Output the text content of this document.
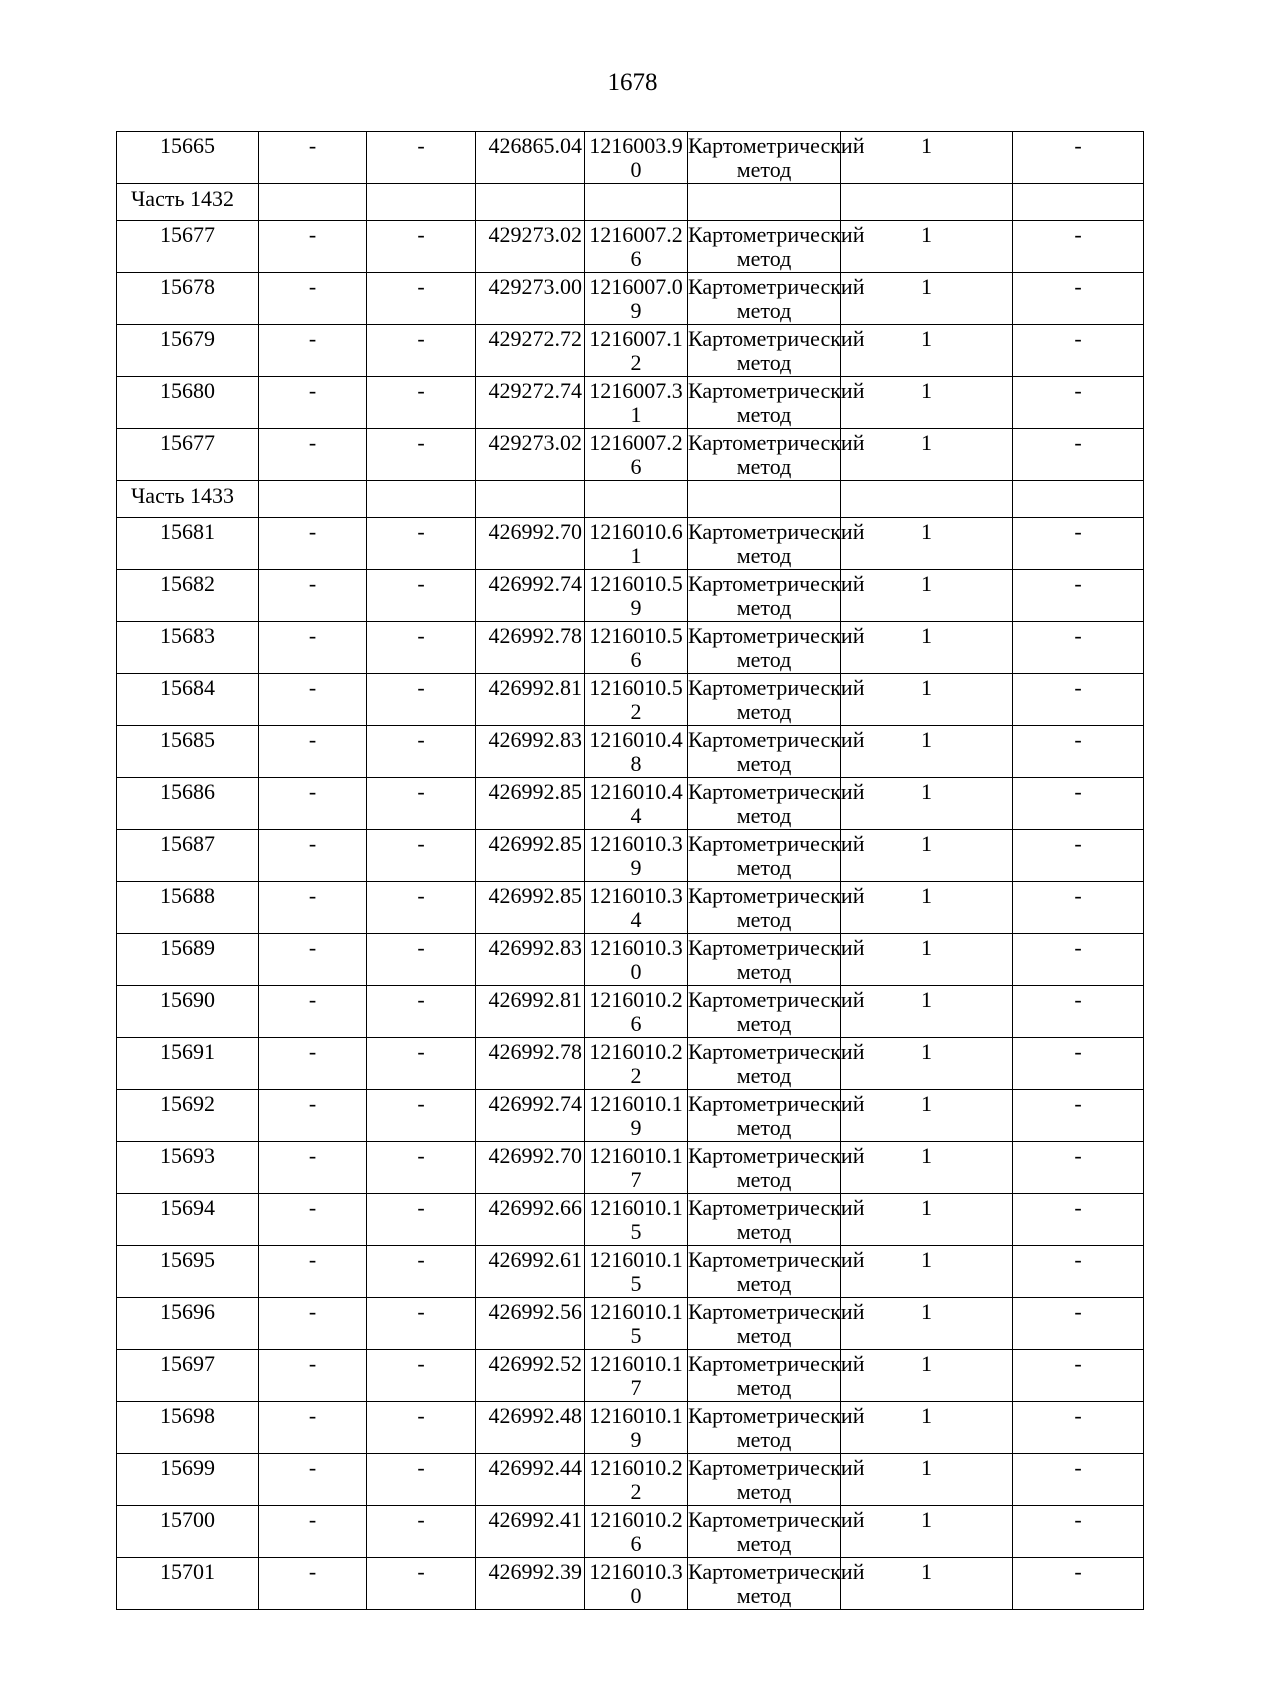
1678
15665	-	-	426865.04	1216003.90	Картометрический метод	1	-
Часть 1432							
15677	-	-	429273.02	1216007.26	Картометрический метод	1	-
15678	-	-	429273.00	1216007.09	Картометрический метод	1	-
15679	-	-	429272.72	1216007.12	Картометрический метод	1	-
15680	-	-	429272.74	1216007.31	Картометрический метод	1	-
15677	-	-	429273.02	1216007.26	Картометрический метод	1	-
Часть 1433							
15681	-	-	426992.70	1216010.61	Картометрический метод	1	-
15682	-	-	426992.74	1216010.59	Картометрический метод	1	-
15683	-	-	426992.78	1216010.56	Картометрический метод	1	-
15684	-	-	426992.81	1216010.52	Картометрический метод	1	-
15685	-	-	426992.83	1216010.48	Картометрический метод	1	-
15686	-	-	426992.85	1216010.44	Картометрический метод	1	-
15687	-	-	426992.85	1216010.39	Картометрический метод	1	-
15688	-	-	426992.85	1216010.34	Картометрический метод	1	-
15689	-	-	426992.83	1216010.30	Картометрический метод	1	-
15690	-	-	426992.81	1216010.26	Картометрический метод	1	-
15691	-	-	426992.78	1216010.22	Картометрический метод	1	-
15692	-	-	426992.74	1216010.19	Картометрический метод	1	-
15693	-	-	426992.70	1216010.17	Картометрический метод	1	-
15694	-	-	426992.66	1216010.15	Картометрический метод	1	-
15695	-	-	426992.61	1216010.15	Картометрический метод	1	-
15696	-	-	426992.56	1216010.15	Картометрический метод	1	-
15697	-	-	426992.52	1216010.17	Картометрический метод	1	-
15698	-	-	426992.48	1216010.19	Картометрический метод	1	-
15699	-	-	426992.44	1216010.22	Картометрический метод	1	-
15700	-	-	426992.41	1216010.26	Картометрический метод	1	-
15701	-	-	426992.39	1216010.30	Картометрический метод	1	-
